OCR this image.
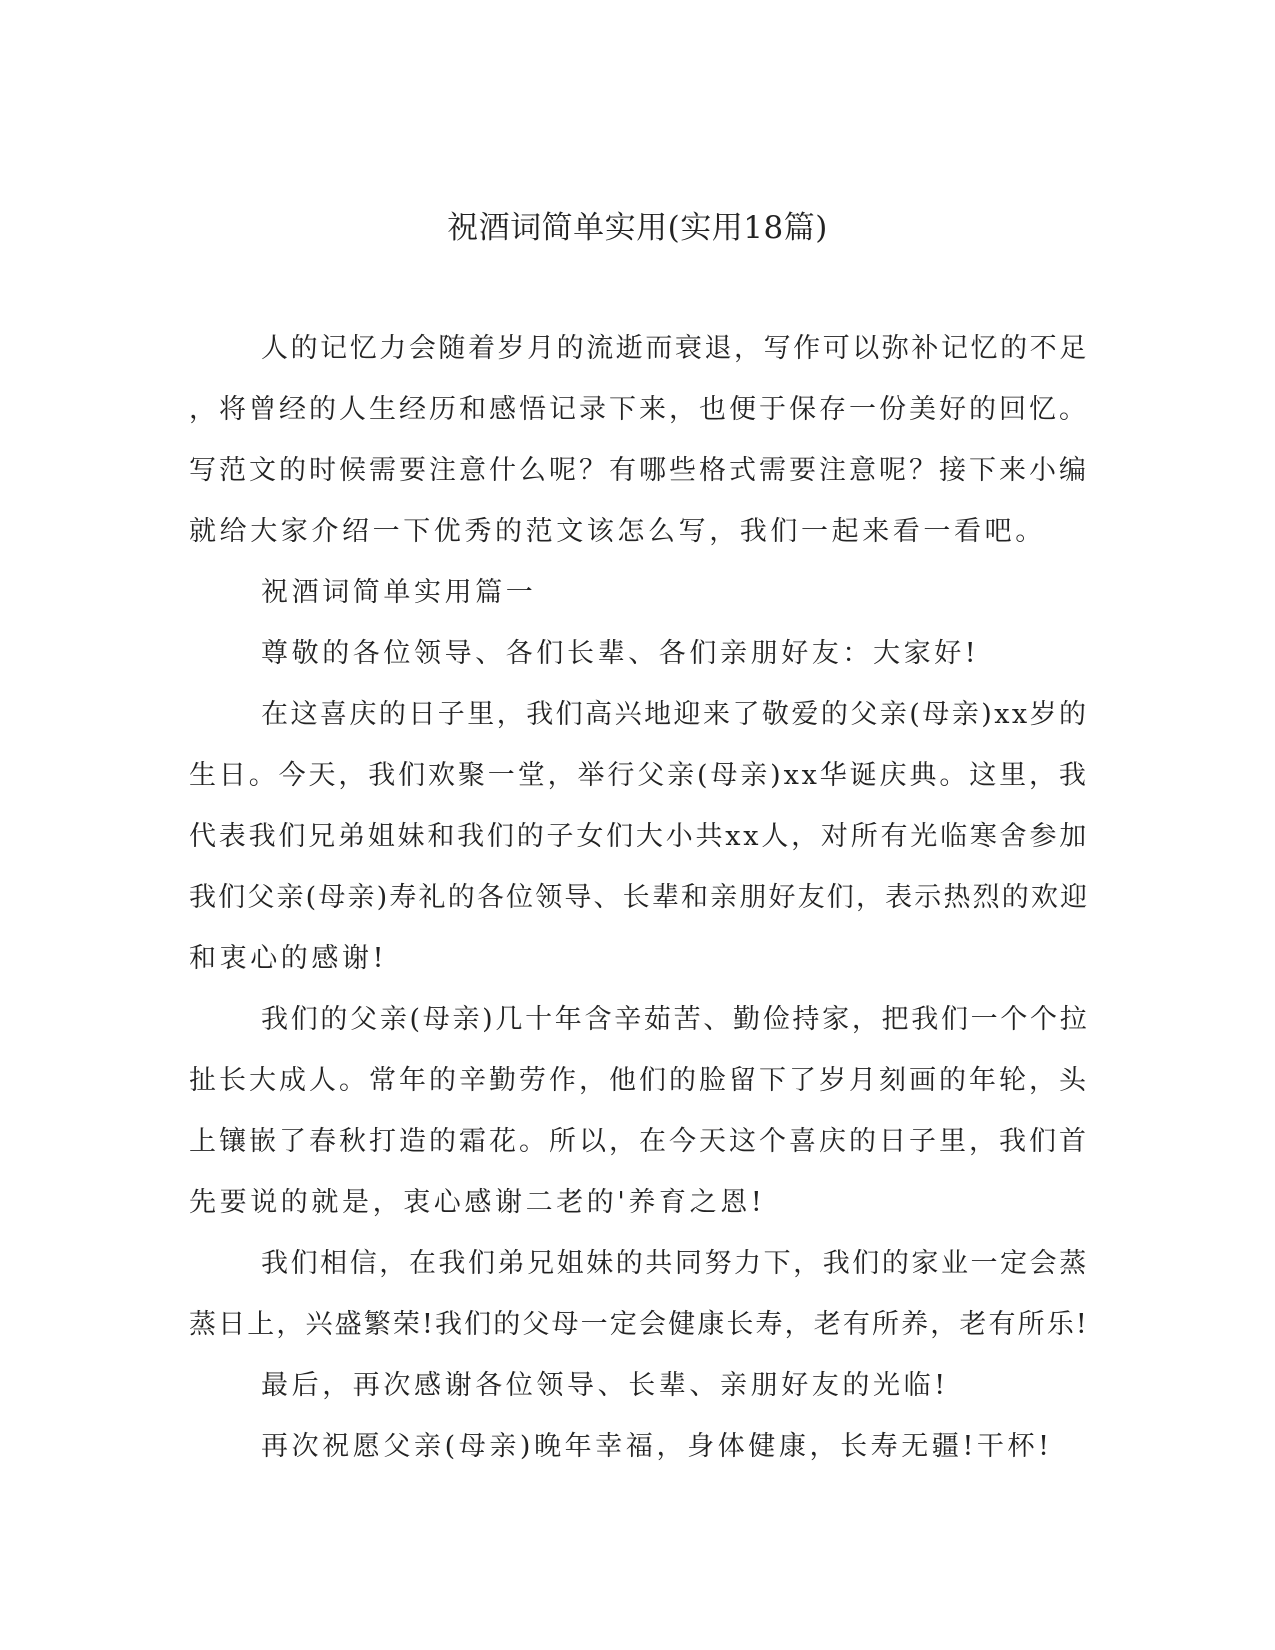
祝酒词简单实用(实用18篇)
人的记忆力会随着岁月的流逝而衰退，写作可以弥补记忆的不足
，将曾经的人生经历和感悟记录下来，也便于保存一份美好的回忆。
写范文的时候需要注意什么呢？有哪些格式需要注意呢？接下来小编
就给大家介绍一下优秀的范文该怎么写，我们一起来看一看吧。
祝酒词简单实用篇一
尊敬的各位领导、各们长辈、各们亲朋好友：大家好!
在这喜庆的日子里，我们高兴地迎来了敬爱的父亲(母亲)xx岁的
生日。今天，我们欢聚一堂，举行父亲(母亲)xx华诞庆典。这里，我
代表我们兄弟姐妹和我们的子女们大小共xx人，对所有光临寒舍参加
我们父亲(母亲)寿礼的各位领导、长辈和亲朋好友们，表示热烈的欢迎
和衷心的感谢!
我们的父亲(母亲)几十年含辛茹苦、勤俭持家，把我们一个个拉
扯长大成人。常年的辛勤劳作，他们的脸留下了岁月刻画的年轮，头
上镶嵌了春秋打造的霜花。所以，在今天这个喜庆的日子里，我们首
先要说的就是，衷心感谢二老的'养育之恩!
我们相信，在我们弟兄姐妹的共同努力下，我们的家业一定会蒸
蒸日上，兴盛繁荣!我们的父母一定会健康长寿，老有所养，老有所乐!
最后，再次感谢各位领导、长辈、亲朋好友的光临!
再次祝愿父亲(母亲)晚年幸福，身体健康，长寿无疆!干杯!
